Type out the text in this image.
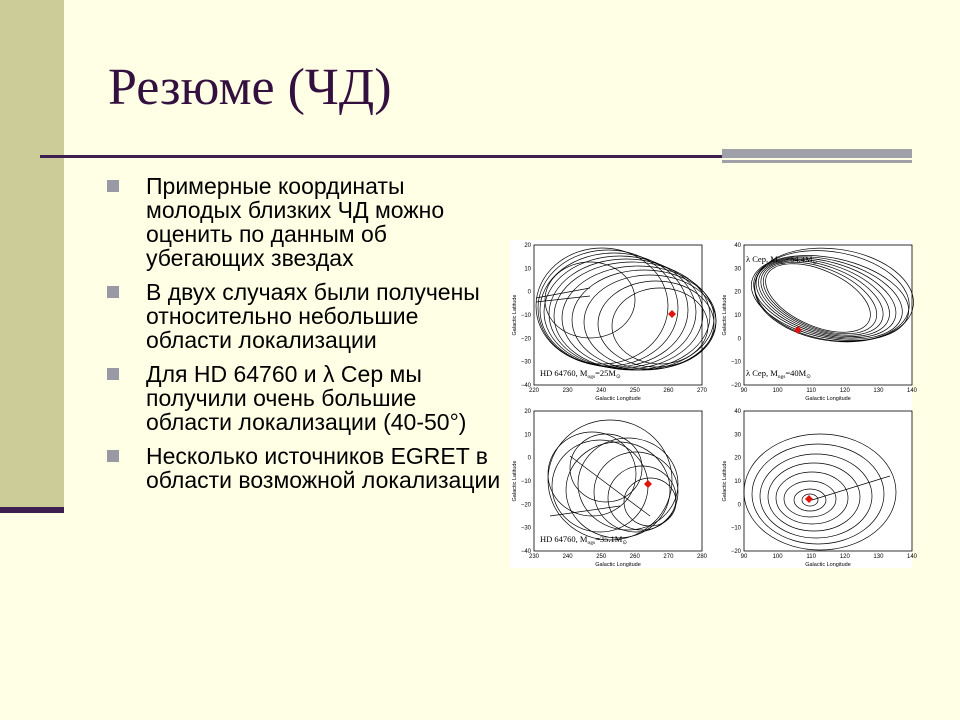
Резюме (ЧД)
Примерные координаты молодых близких ЧД можно оценить по данным об убегающих звездах
В двух случаях были получены относительно небольшие области локализации
Для HD 64760 и λ Cep мы получили очень большие области локализации (40-50°)
Несколько источников EGRET в области возможной локализации
220	230	240	250	260	270
20
10
0
−10
−20
−30
−40
Galactic Longitude
Galactic Latitude
HD 64760, $M_{ogs}=25M_⊙$
90	100	110	120	130	140
40
30
20
10
0
−10
−20
Galactic Longitude
Galactic Latitude
λ Cep, $M_{ogs}=40M_⊙$
230	240	250	260	270	280
20
10
0
−10
−20
−30
−40
Galactic Longitude
Galactic Latitude
HD 64760, $M_{ogs}=35.1M_⊙$
90	100	110	120	130	140
40
30
20
10
0
−10
−20
Galactic Longitude
Galactic Latitude
λ Cep, $M_{ogs}=64.4M_⊙$
